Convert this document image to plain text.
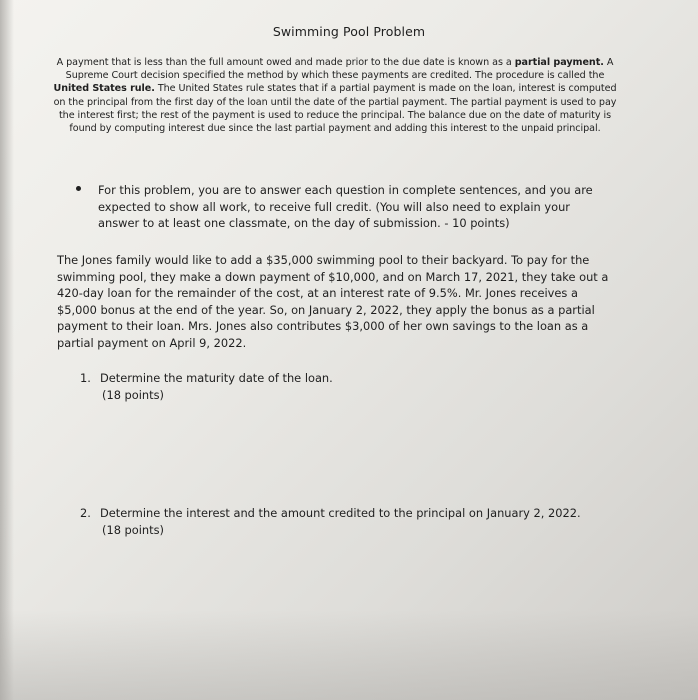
Swimming Pool Problem
A payment that is less than the full amount owed and made prior to the due date is known as a partial payment. A Supreme Court decision specified the method by which these payments are credited. The procedure is called the United States rule. The United States rule states that if a partial payment is made on the loan, interest is computed on the principal from the first day of the loan until the date of the partial payment. The partial payment is used to pay the interest first; the rest of the payment is used to reduce the principal. The balance due on the date of maturity is found by computing interest due since the last partial payment and adding this interest to the unpaid principal.
For this problem, you are to answer each question in complete sentences, and you are expected to show all work, to receive full credit. (You will also need to explain your answer to at least one classmate, on the day of submission. - 10 points)
The Jones family would like to add a $35,000 swimming pool to their backyard. To pay for the swimming pool, they make a down payment of $10,000, and on March 17, 2021, they take out a 420-day loan for the remainder of the cost, at an interest rate of 9.5%. Mr. Jones receives a $5,000 bonus at the end of the year. So, on January 2, 2022, they apply the bonus as a partial payment to their loan. Mrs. Jones also contributes $3,000 of her own savings to the loan as a partial payment on April 9, 2022.
1. Determine the maturity date of the loan.
(18 points)
2. Determine the interest and the amount credited to the principal on January 2, 2022.
(18 points)
